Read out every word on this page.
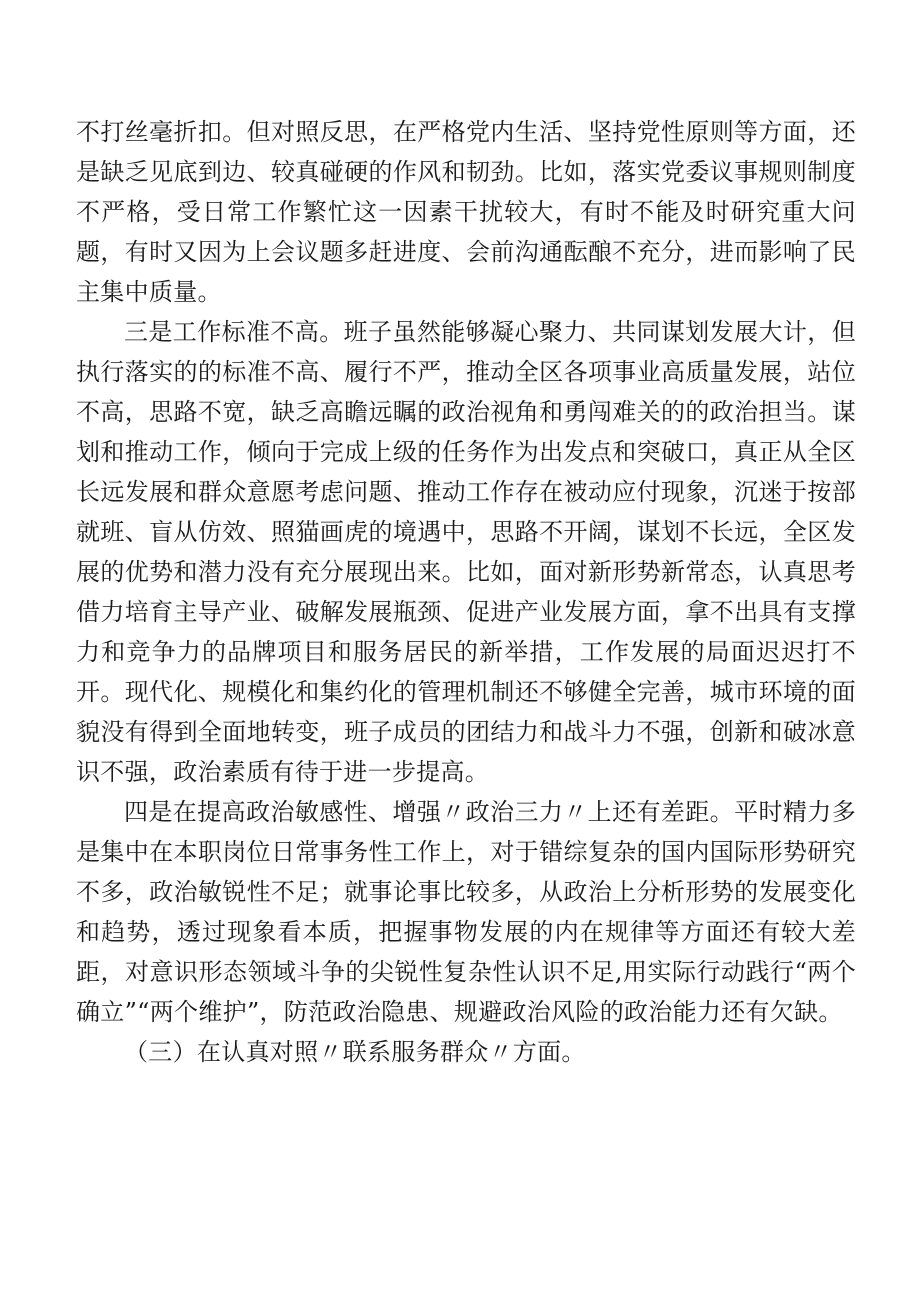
不打丝毫折扣。但对照反思，在严格党内生活、坚持党性原则等方面，还是缺乏见底到边、较真碰硬的作风和韧劲。比如，落实党委议事规则制度不严格，受日常工作繁忙这一因素干扰较大，有时不能及时研究重大问题，有时又因为上会议题多赶进度、会前沟通酝酿不充分，进而影响了民主集中质量。

三是工作标准不高。班子虽然能够凝心聚力、共同谋划发展大计，但执行落实的的标准不高、履行不严，推动全区各项事业高质量发展，站位不高，思路不宽，缺乏高瞻远瞩的政治视角和勇闯难关的的政治担当。谋划和推动工作，倾向于完成上级的任务作为出发点和突破口，真正从全区长远发展和群众意愿考虑问题、推动工作存在被动应付现象，沉迷于按部就班、盲从仿效、照猫画虎的境遇中，思路不开阔，谋划不长远，全区发展的优势和潜力没有充分展现出来。比如，面对新形势新常态，认真思考借力培育主导产业、破解发展瓶颈、促进产业发展方面，拿不出具有支撑力和竞争力的品牌项目和服务居民的新举措，工作发展的局面迟迟打不开。现代化、规模化和集约化的管理机制还不够健全完善，城市环境的面貌没有得到全面地转变，班子成员的团结力和战斗力不强，创新和破冰意识不强，政治素质有待于进一步提高。

四是在提高政治敏感性、增强〃政治三力〃上还有差距。平时精力多是集中在本职岗位日常事务性工作上，对于错综复杂的国内国际形势研究不多，政治敏锐性不足；就事论事比较多，从政治上分析形势的发展变化和趋势，透过现象看本质，把握事物发展的内在规律等方面还有较大差距，对意识形态领域斗争的尖锐性复杂性认识不足,用实际行动践行“两个确立”“两个维护”，防范政治隐患、规避政治风险的政治能力还有欠缺。

（三）在认真对照〃联系服务群众〃方面。
